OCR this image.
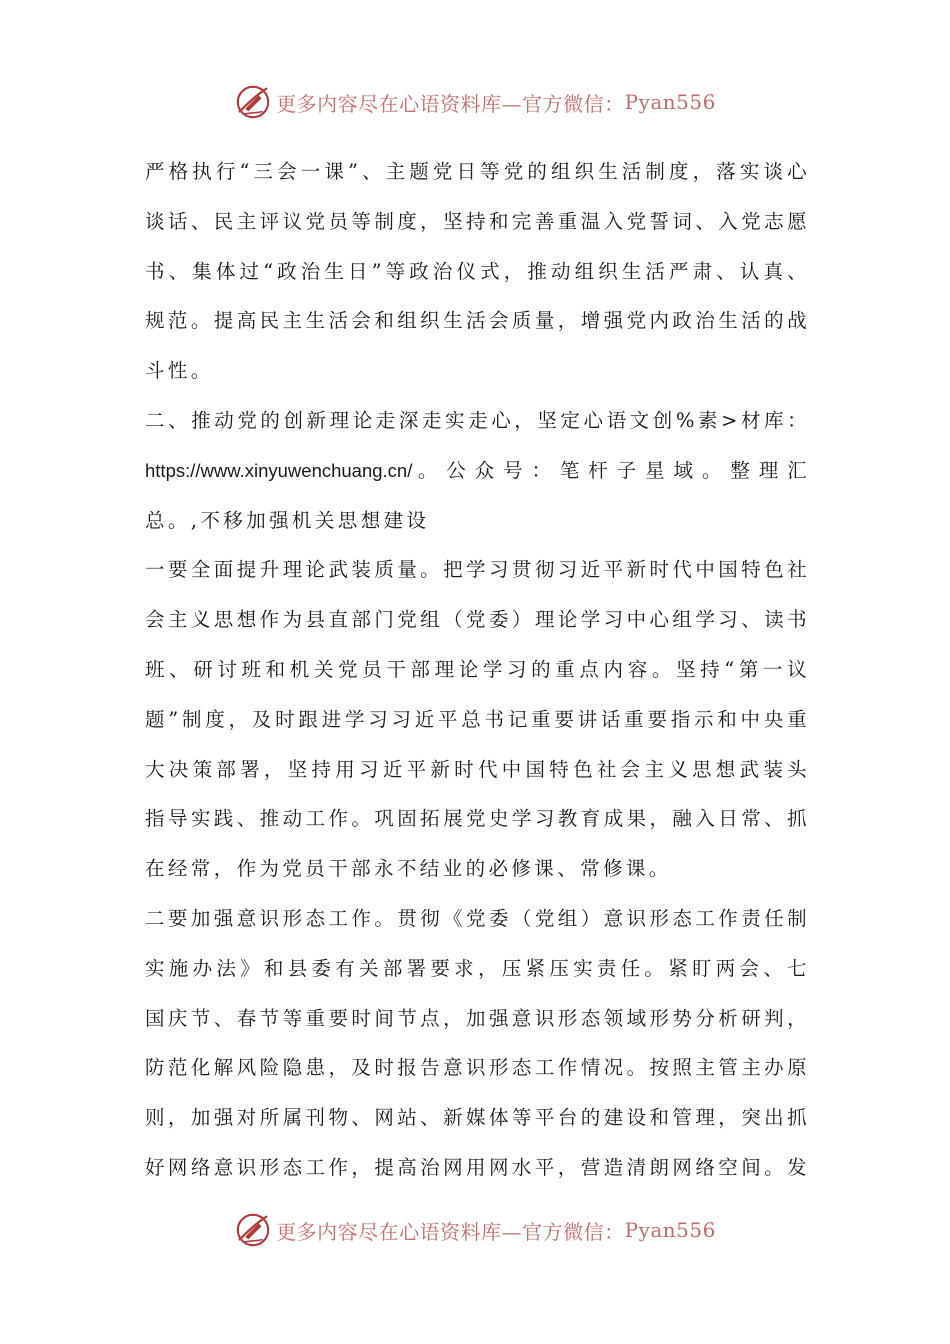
更多内容尽在心语资料库—官方微信： Pyan556
严格执行“三会一课”、主题党日等党的组织生活制度，落实谈心
谈话、民主评议党员等制度，坚持和完善重温入党誓词、入党志愿
书、集体过“政治生日”等政治仪式，推动组织生活严肃、认真、
规范。提高民主生活会和组织生活会质量，增强党内政治生活的战
斗性。
二、推动党的创新理论走深走实走心，坚定心语文创%素>材库：
https://www.xinyuwenchuang.cn/。公众号：笔杆子星域。整理汇
总。,不移加强机关思想建设
一要全面提升理论武装质量。把学习贯彻习近平新时代中国特色社
会主义思想作为县直部门党组（党委）理论学习中心组学习、读书
班、研讨班和机关党员干部理论学习的重点内容。坚持“第一议
题”制度，及时跟进学习习近平总书记重要讲话重要指示和中央重
大决策部署，坚持用习近平新时代中国特色社会主义思想武装头
指导实践、推动工作。巩固拓展党史学习教育成果，融入日常、抓
在经常，作为党员干部永不结业的必修课、常修课。
二要加强意识形态工作。贯彻《党委（党组）意识形态工作责任制
实施办法》和县委有关部署要求，压紧压实责任。紧盯两会、七
国庆节、春节等重要时间节点，加强意识形态领域形势分析研判，
防范化解风险隐患，及时报告意识形态工作情况。按照主管主办原
则，加强对所属刊物、网站、新媒体等平台的建设和管理，突出抓
好网络意识形态工作，提高治网用网水平，营造清朗网络空间。发
更多内容尽在心语资料库—官方微信： Pyan556
